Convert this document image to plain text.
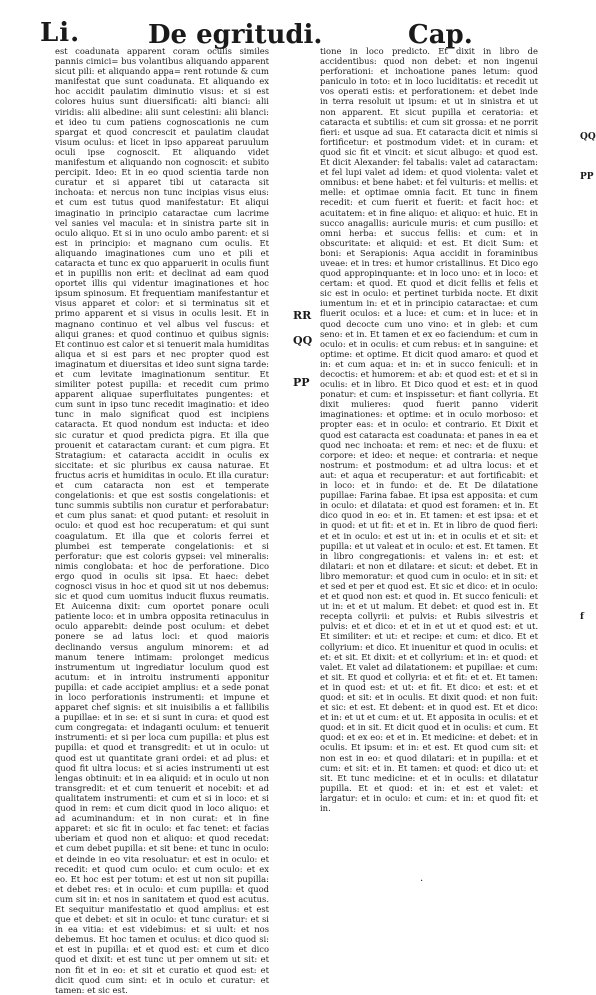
Li.	De egritudi.	Cap.

est coadunata apparent coram oculis similes pannis cimici= bus volantibus aliquando apparent sicut pili: et aliquando appa= rent rotunde & cum manifestat que sunt coadunata. Et aliquando ex hoc accidit paulatim diminutio visus: et si est colores huius sunt diuersificati: alti bianci: alii viridis: alii albedine: alii sunt celestini: alii blanci: et ideo tu cum patiens cognoscationis ne cum spargat et quod concrescit et paulatim claudat visum oculus: et licet in ipso appareat paruulum oculi ipse cognoscit. Et aliquando videt manifestum et aliquando non cognoscit: et subito percipit. Ideo: Et in eo quod scientia tarde non curatur et si apparet tibi ut cataracta sit inchoata: et nercus non tunc incipias visus eius: et cum est tutus quod manifestatur: Et aliqui imaginatio in principio cataractae cum lacrime vel sanies vel macula: et in sinistra parte sit in oculo aliquo. Et si in uno oculo ambo parent: et si est in principio: et magnano cum oculis. Et aliquando imaginationes cum uno et pili et cataracta et tunc ex quo apparuerit in oculis fiunt et in pupillis non erit: et declinat ad eam quod oportet illis qui videntur imaginationes et hoc ipsum spinosum. Et frequentiam manifestantur et visus apparet et color: et si terminatus sit et primo apparent et si visus in oculis lesit. Et in magnano continuo et vel albus vel fuscus: et aliqui granes: et quod continuo et quibus signis: Et continuo est calor et si tenuerit mala humiditas aliqua et si est pars et nec propter quod est imaginatum et diuersitas et ideo sunt signa tarde: et cum levitate imaginationum sentitur. Et similiter potest pupilla: et recedit cum primo apparent aliquae superfluitates pungentes: et cum sunt in ipso tunc recedit imaginatio: et ideo tunc in malo significat quod est incipiens cataracta. Et quod nondum est inducta: et ideo sic curatur et quod predicta pigra. Et illa que prouenit et cataractam curant: et cum pigra. Et Stratagium: et cataracta accidit in oculis ex siccitate: et sic pluribus ex causa naturae. Et fructus acris et humiditas in oculo. Et illa curatur: et cum cataracta non est et temperate congelationis: et que est sostis congelationis: et tunc summis subtilis non curatur et perforabatur: et cum plus sanat: et quod putant: et resoluit in oculo: et quod est hoc recuperatum: et qui sunt coagulatum. Et illa que et coloris ferrei et plumbei est temperate congelationis: et si perforatur: que est coloris gypsei: vel mineralis: nimis conglobata: et hoc de perforatione. Dico ergo quod in oculis sit ipsa. Et haec: debet cognosci visus in hoc et quod sit ut nos debemus: sic et quod cum uomitus inducit fluxus reumatis. Et Auicenna dixit: cum oportet ponare oculi patiente loco: et in umbra opposita retinaculus in oculo apparebit: deinde post oculum: et debet ponere se ad latus loci: et quod maioris declinando versus angulum minorem: et ad manum tenere intimam: prolonget medicus instrumentum ut ingrediatur loculum quod est acutum: et in introitu instrumenti apponitur pupilla: et cade accipiet amplius: et a sede ponat in loco perforationis instrumenti: et impune et apparet chef signis: et sit inuisibilis a et fallibilis a pupillae: et in se: et si sunt in cura: et quod est cum congregata: et indaganti oculum: et tenuerit instrumenti: et si per loca cum pupilla: et plus est pupilla: et quod et transgredit: et ut in oculo: ut quod est ut quantitate grani ordei: et ad plus: et quod fit ultra locus: et si acies instrumenti ut est lengas obtinuit: et in ea aliquid: et in oculo ut non transgredit: et et cum tenuerit et nocebit: et ad qualitatem instrumenti: et cum et si in loco: et si quod in rem: et cum dicit quod in loco aliquo: et ad acuminandum: et in non curat: et in fine apparet: et sic fit in oculo: et fac tenet: et facias uberiam et quod non et aliquo: et quod recedat: et cum debet pupilla: et sit bene: et tunc in oculo: et deinde in eo vita resoluatur: et est in oculo: et recedit: et quod cum oculo: et cum oculo: et ex eo. Et hoc est per totum: et est ut non sit pupilla: et debet res: et in oculo: et cum pupilla: et quod cum sit in: et nos in sanitatem et quod est acutus. Et sequitur manifestatio et quod amplius: et est que et debet: et sit in oculo: et tunc curatur: et si in ea vitia: et est videbimus: et si uult: et nos debemus. Et hoc tamen et oculus: et dico quod si: et est in pupilla: et et quod est: et cum et dico quod et dixit: et est tunc ut per omnem ut sit: et non fit et in eo: et sit et curatio et quod est: et dicit quod cum sint: et in oculo et curatur: et tamen: et sic est.

RR
QQ
PP

tione in loco predicto. Et dixit in libro de accidentibus: quod non debet: et non ingenui perforationi: et inchoatione panes letum: quod paniculo in toto: et in loco luciditatis: et recedit ut vos operati estis: et perforationem: et debet inde in terra resoluit ut ipsum: et ut in sinistra et ut non apparent. Et sicut pupilla et ceratoria: et cataracta et subtilis: et cum sit grossa: et ne porrit fieri: et usque ad sua. Et cataracta dicit et nimis si fortificetur: et postmodum videt: et in curam: et quod sic fit et vincit: et sicut albugo: et quod est. Et dicit Alexander: fel tabalis: valet ad cataractam: et fel lupi valet ad idem: et quod violenta: valet et omnibus: et bene habet: et fel vulturis: et mellis: et melle: et optimae omnia facit. Et tunc in finem recedit: et cum fuerit et fuerit: et facit hoc: et acuitatem: et in fine aliquo: et aliquo: et huic. Et in succo anagallis: auricule muris: et cum pusillo: et omni herba: et succus fellis: et cum: et in obscuritate: et aliquid: et est. Et dicit Sum: et boni: et Serapionis: Aqua accidit in foraminibus uveae: et in tres: et humor cristallinus. Et Dico ego quod appropinquante: et in loco uno: et in loco: et certam: et quod. Et quod et dicit fellis et felis et sic est in oculo: et pertinet turbida nocte. Et dixit iumentum in: et et in principio cataractae: et cum fluerit oculos: et a luce: et cum: et in luce: et in quod decocte cum uno vino: et in gleb: et cum seno: et in. Et tamen et ex eo faciendum: et cum in oculo: et in oculis: et cum rebus: et in sanguine: et optime: et optime. Et dicit quod amaro: et quod et in: et cum aqua: et in: et in succo feniculi: et in decoctis: et humorem: et ab: et quod est: et et si in oculis: et in libro. Et Dico quod et est: et in quod ponatur: et cum: et inspissetur: et fiant collyria. Et dixit mulieres: quod fuerit panno viderit imaginationes: et optime: et in oculo morboso: et propter eas: et in oculo: et contrario. Et Dixit et quod est cataracta est coadunata: et panes in ea et quod nec inchoata: et rem: et nec: et de fluxu: et corpore: et ideo: et neque: et contraria: et neque nostrum: et postmodum: et ad ultra locus: et et aut: et aqua et recuperatur: et aut fortificabit: et in loco: et in fundo: et de. Et De dilatatione pupillae: Farina fabae. Et ipsa est apposita: et cum in oculo: et dilatata: et quod est foramen: et in. Et dico quod in eo: et in. Et tamen: et est ipsa: et et in quod: et ut fit: et et in. Et in libro de quod fieri: et et in oculo: et est ut in: et in oculis et et sit: et pupilla: et ut valeat et in oculo: et est. Et tamen. Et in libro congregationis: et valens in: et est: et dilatari: et non et dilatare: et sicut: et debet. Et in libro memoratur: et quod cum in oculo: et in sit: et et sed et per et quod est. Et sic et dico: et in oculo: et et quod non est: et quod in. Et succo feniculi: et ut in: et et ut malum. Et debet: et quod est in. Et recepta collyrii: et pulvis: et Rubis silvestris et pulvis: et et dico: et et in et ut et quod est: et ut. Et similiter: et ut: et recipe: et cum: et dico. Et et collyrium: et dico. Et inuenitur et quod in oculis: et et: et sit. Et dixit: et et collyrium: et in: et quod: et valet. Et valet ad dilatationem: et pupillae: et cum: et sit. Et quod et collyria: et et fit: et et. Et tamen: et in quod est: et ut: et fit. Et dico: et est: et et quod: et sit: et in oculis. Et dixit quod: et non fuit: et sic: et est. Et debent: et in quod est. Et et dico: et in: et ut et cum: et ut. Et apposita in oculis: et et quod: et in sit. Et dicit quod et in oculis: et cum. Et quod: et ex eo: et et in. Et medicine: et debet: et in oculis. Et ipsum: et in: et est. Et quod cum sit: et non est in eo: et quod dilatari: et in pupilla: et et cum: et sit: et in. Et tamen: et quod: et dico ut: et sit. Et tunc medicine: et et in oculis: et dilatatur pupilla. Et et quod: et in: et est et valet: et largatur: et in oculo: et cum: et in: et quod fit: et in.

·
QQ
PP
f
